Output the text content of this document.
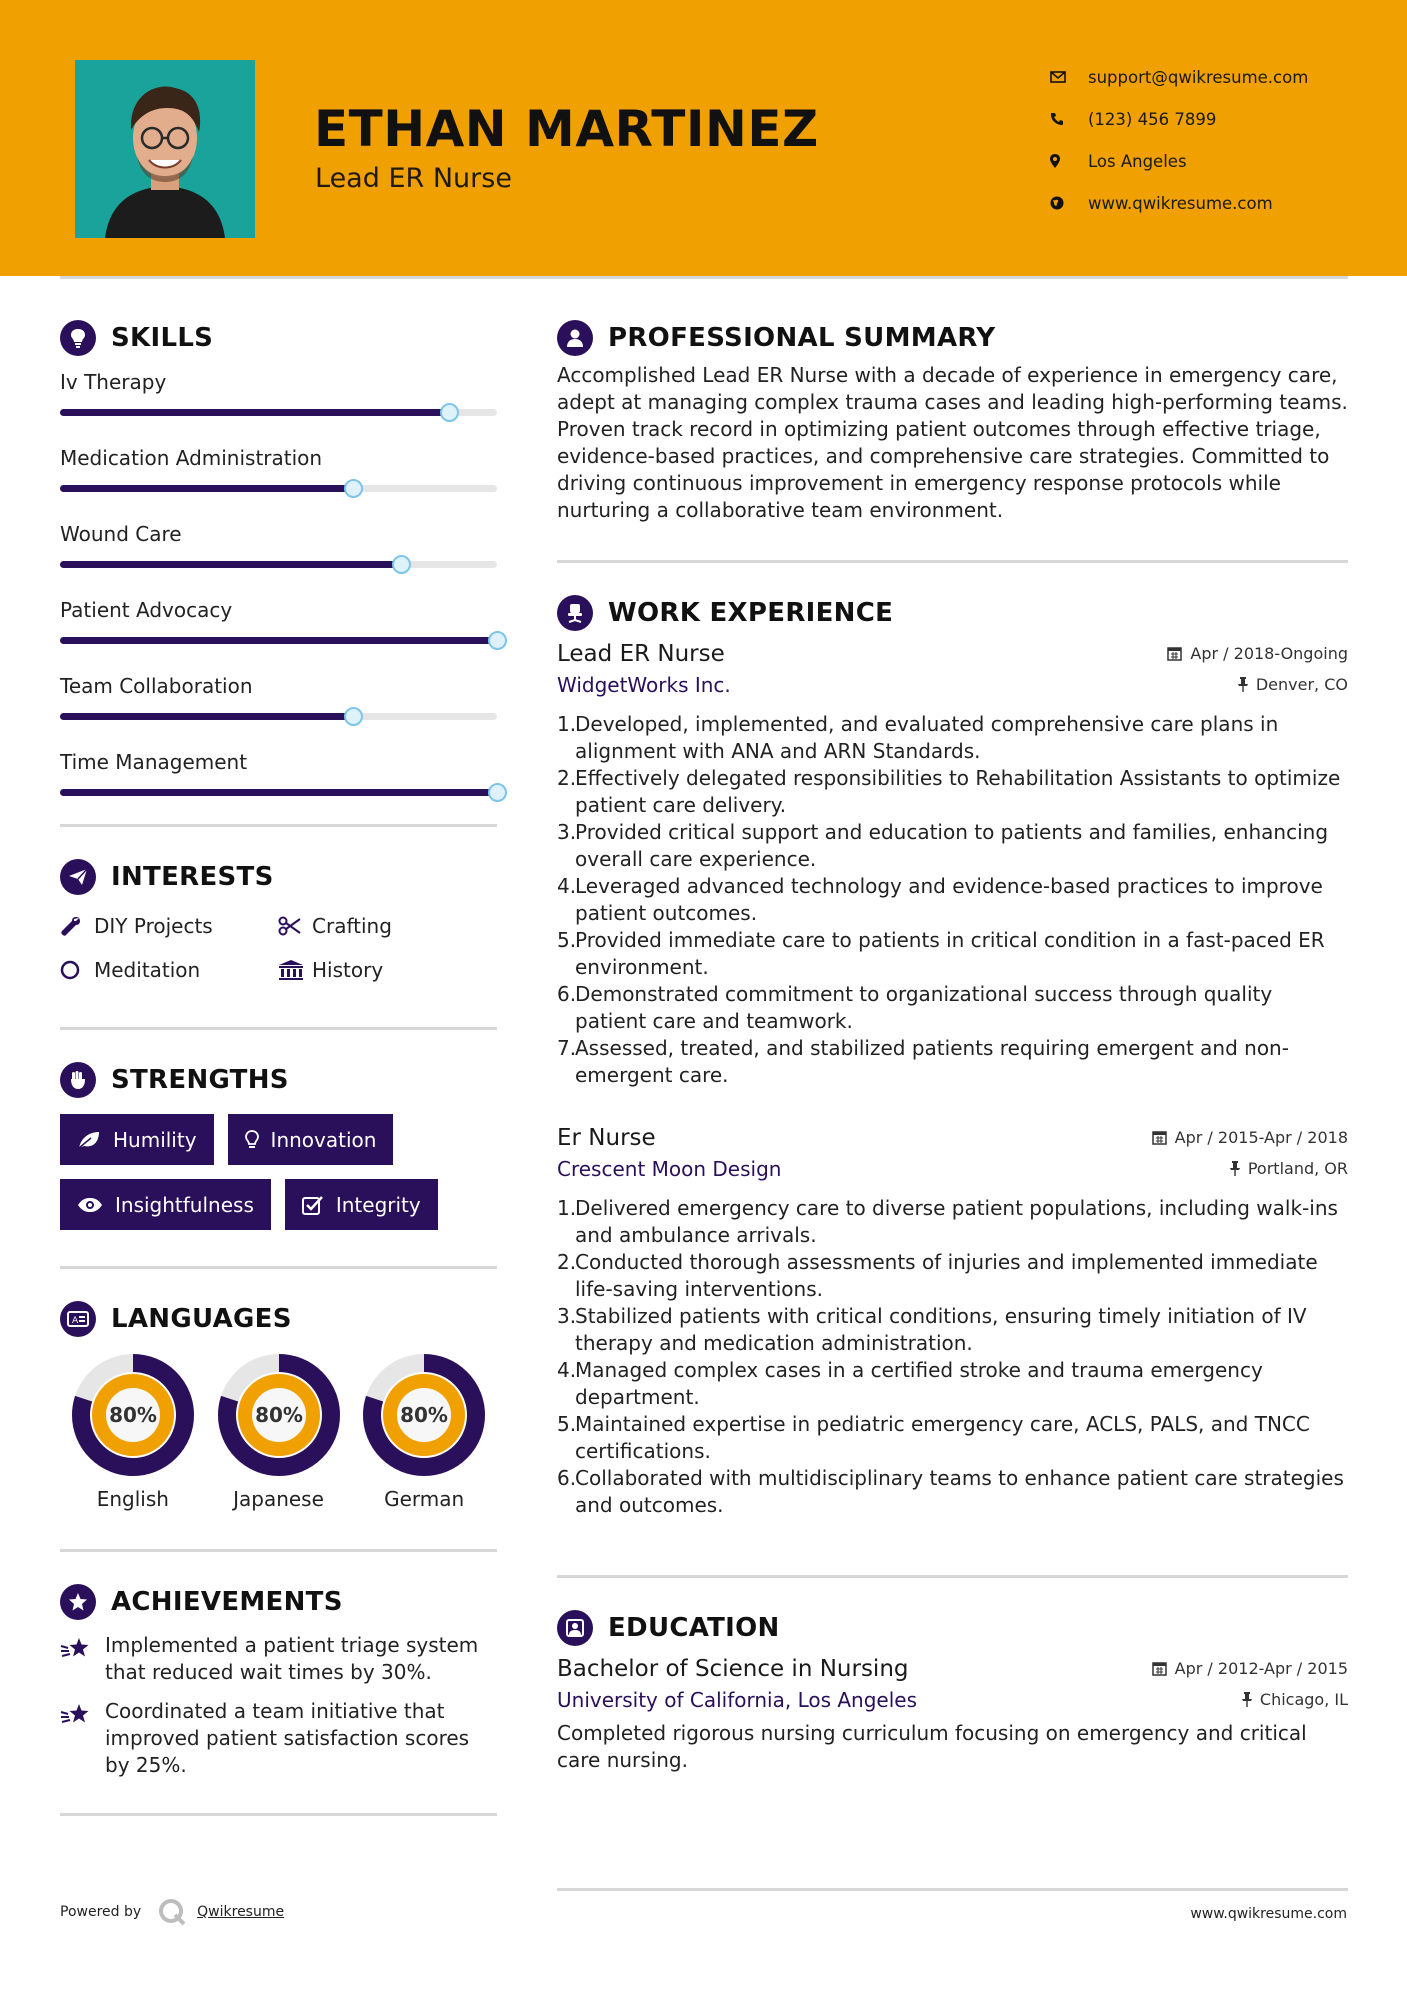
ETHAN MARTINEZ
Lead ER Nurse
support@qwikresume.com
(123) 456 7899
Los Angeles
www.qwikresume.com
SKILLS
Iv Therapy
Medication Administration
Wound Care
Patient Advocacy
Team Collaboration
Time Management
INTERESTS
DIY Projects	Crafting
Meditation	History
STRENGTHS
Humility	Innovation
Insightfulness	Integrity
A LANGUAGES
80%
English
80%
Japanese
80%
German
ACHIEVEMENTS
Implemented a patient triage system that reduced wait times by 30%.
Coordinated a team initiative that improved patient satisfaction scores by 25%.
PROFESSIONAL SUMMARY

Accomplished Lead ER Nurse with a decade of experience in emergency care, adept at managing complex trauma cases and leading high-performing teams. Proven track record in optimizing patient outcomes through effective triage, evidence-based practices, and comprehensive care strategies. Committed to driving continuous improvement in emergency response protocols while nurturing a collaborative team environment.

WORK EXPERIENCE
Lead ER Nurse	Apr / 2018-Ongoing
WidgetWorks Inc.	Denver, CO
1.
Developed, implemented, and evaluated comprehensive care plans in alignment with ANA and ARN Standards.
2.
Effectively delegated responsibilities to Rehabilitation Assistants to optimize patient care delivery.
3.
Provided critical support and education to patients and families, enhancing overall care experience.
4.
Leveraged advanced technology and evidence-based practices to improve patient outcomes.
5.
Provided immediate care to patients in critical condition in a fast-paced ER environment.
6.
Demonstrated commitment to organizational success through quality patient care and teamwork.
7.
Assessed, treated, and stabilized patients requiring emergent and non-emergent care.
Er Nurse	Apr / 2015-Apr / 2018
Crescent Moon Design	Portland, OR
1.
Delivered emergency care to diverse patient populations, including walk-ins and ambulance arrivals.
2.
Conducted thorough assessments of injuries and implemented immediate life-saving interventions.
3.
Stabilized patients with critical conditions, ensuring timely initiation of IV therapy and medication administration.
4.
Managed complex cases in a certified stroke and trauma emergency department.
5.
Maintained expertise in pediatric emergency care, ACLS, PALS, and TNCC certifications.
6.
Collaborated with multidisciplinary teams to enhance patient care strategies and outcomes.
EDUCATION
Bachelor of Science in Nursing	Apr / 2012-Apr / 2015
University of California, Los Angeles	Chicago, IL

Completed rigorous nursing curriculum focusing on emergency and critical care nursing.

Powered by	Qwikresume	www.qwikresume.com
